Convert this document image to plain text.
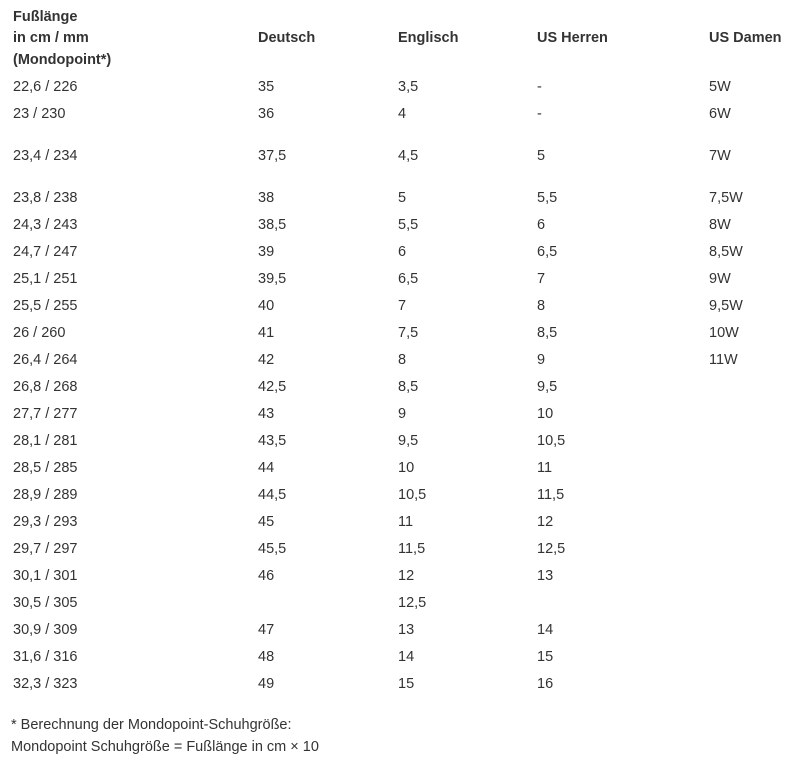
Fußlänge
in cm / mm
(Mondopoint*)	Deutsch	Englisch	US Herren	US Damen
22,6 / 226	35	3,5	-	5W
23 / 230	36	4	-	6W
23,4 / 234	37,5	4,5	5	7W
23,8 / 238	38	5	5,5	7,5W
24,3 / 243	38,5	5,5	6	8W
24,7 / 247	39	6	6,5	8,5W
25,1 / 251	39,5	6,5	7	9W
25,5 / 255	40	7	8	9,5W
26 / 260	41	7,5	8,5	10W
26,4 / 264	42	8	9	11W
26,8 / 268	42,5	8,5	9,5	
27,7 / 277	43	9	10	
28,1 / 281	43,5	9,5	10,5	
28,5 / 285	44	10	11	
28,9 / 289	44,5	10,5	11,5	
29,3 / 293	45	11	12	
29,7 / 297	45,5	11,5	12,5	
30,1 / 301	46	12	13	
30,5 / 305		12,5		
30,9 / 309	47	13	14	
31,6 / 316	48	14	15	
32,3 / 323	49	15	16	

* Berechnung der Mondopoint-Schuhgröße:

Mondopoint Schuhgröße = Fußlänge in cm × 10
